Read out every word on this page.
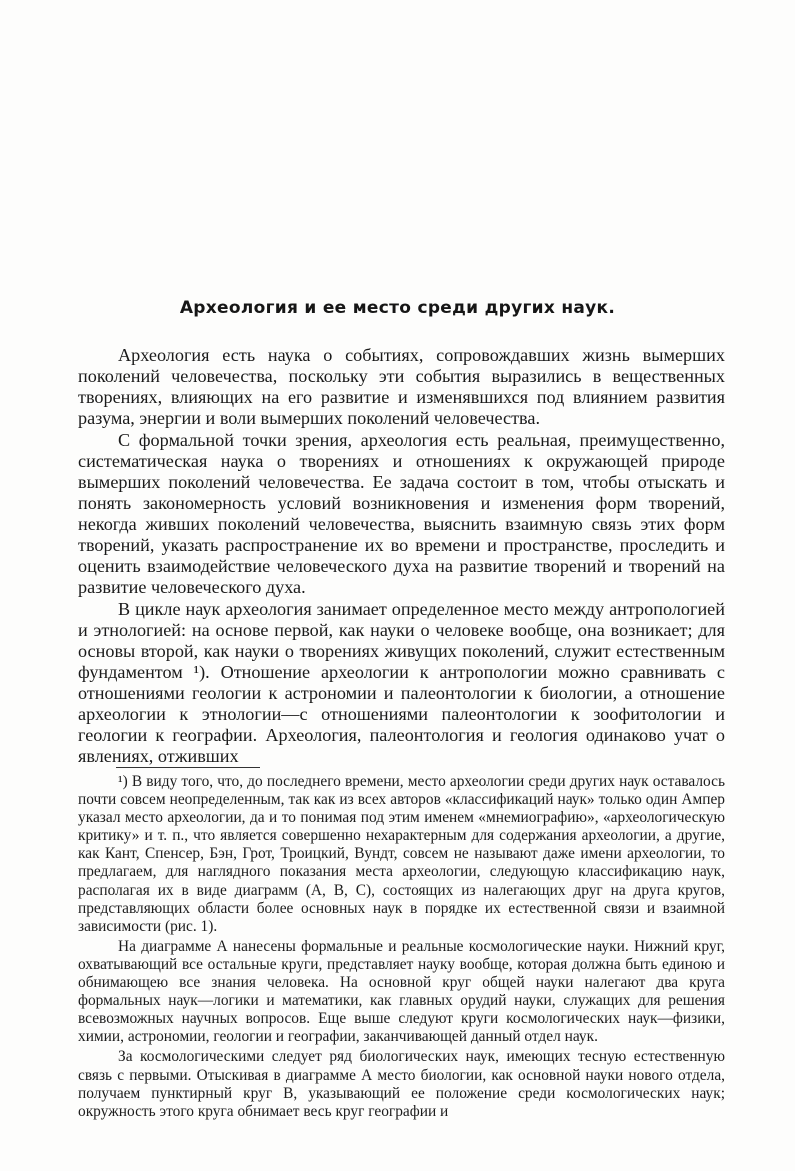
Археология и ее место среди других наук.

Археология есть наука о событиях, сопровождавших жизнь вымерших поколений человечества, поскольку эти события выразились в вещественных творениях, влияющих на его развитие и изменявшихся под влиянием развития разума, энергии и воли вымерших поколений человечества.

С формальной точки зрения, археология есть реальная, преимущественно, систематическая наука о творениях и отношениях к окружающей природе вымерших поколений человечества. Ее задача состоит в том, чтобы отыскать и понять закономерность условий возникновения и изменения форм творений, некогда живших поколений человечества, выяснить взаимную связь этих форм творений, указать распространение их во времени и пространстве, проследить и оценить взаимодействие человеческого духа на развитие творений и творений на развитие человеческого духа.

В цикле наук археология занимает определенное место между антропологией и этнологией: на основе первой, как науки о человеке вообще, она возникает; для основы второй, как науки о творениях живущих поколений, служит естественным фундаментом ¹). Отношение археологии к антропологии можно сравнивать с отношениями геологии к астрономии и палеонтологии к биологии, а отношение археологии к этнологии—с отношениями палеонтологии к зоофитологии и геологии к географии. Археология, палеонтология и геология одинаково учат о явлениях, отживших

¹) В виду того, что, до последнего времени, место археологии среди других наук оставалось почти совсем неопределенным, так как из всех авторов «классификаций наук» только один Ампер указал место археологии, да и то понимая под этим именем «мнемиографию», «археологическую критику» и т. п., что является совершенно нехарактерным для содержания археологии, а другие, как Кант, Спенсер, Бэн, Грот, Троицкий, Вундт, совсем не называют даже имени археологии, то предлагаем, для наглядного показания места археологии, следующую классификацию наук, располагая их в виде диаграмм (А, В, С), состоящих из налегающих друг на друга кругов, представляющих области более основных наук в порядке их естественной связи и взаимной зависимости (рис. 1).

На диаграмме А нанесены формальные и реальные космологические науки. Нижний круг, охватывающий все остальные круги, представляет науку вообще, которая должна быть единою и обнимающею все знания человека. На основной круг общей науки налегают два круга формальных наук—логики и математики, как главных орудий науки, служащих для решения всевозможных научных вопросов. Еще выше следуют круги космологических наук—физики, химии, астрономии, геологии и географии, заканчивающей данный отдел наук.

За космологическими следует ряд биологических наук, имеющих тесную естественную связь с первыми. Отыскивая в диаграмме А место биологии, как основной науки нового отдела, получаем пунктирный круг В, указывающий ее положение среди космологических наук; окружность этого круга обнимает весь круг географии и
